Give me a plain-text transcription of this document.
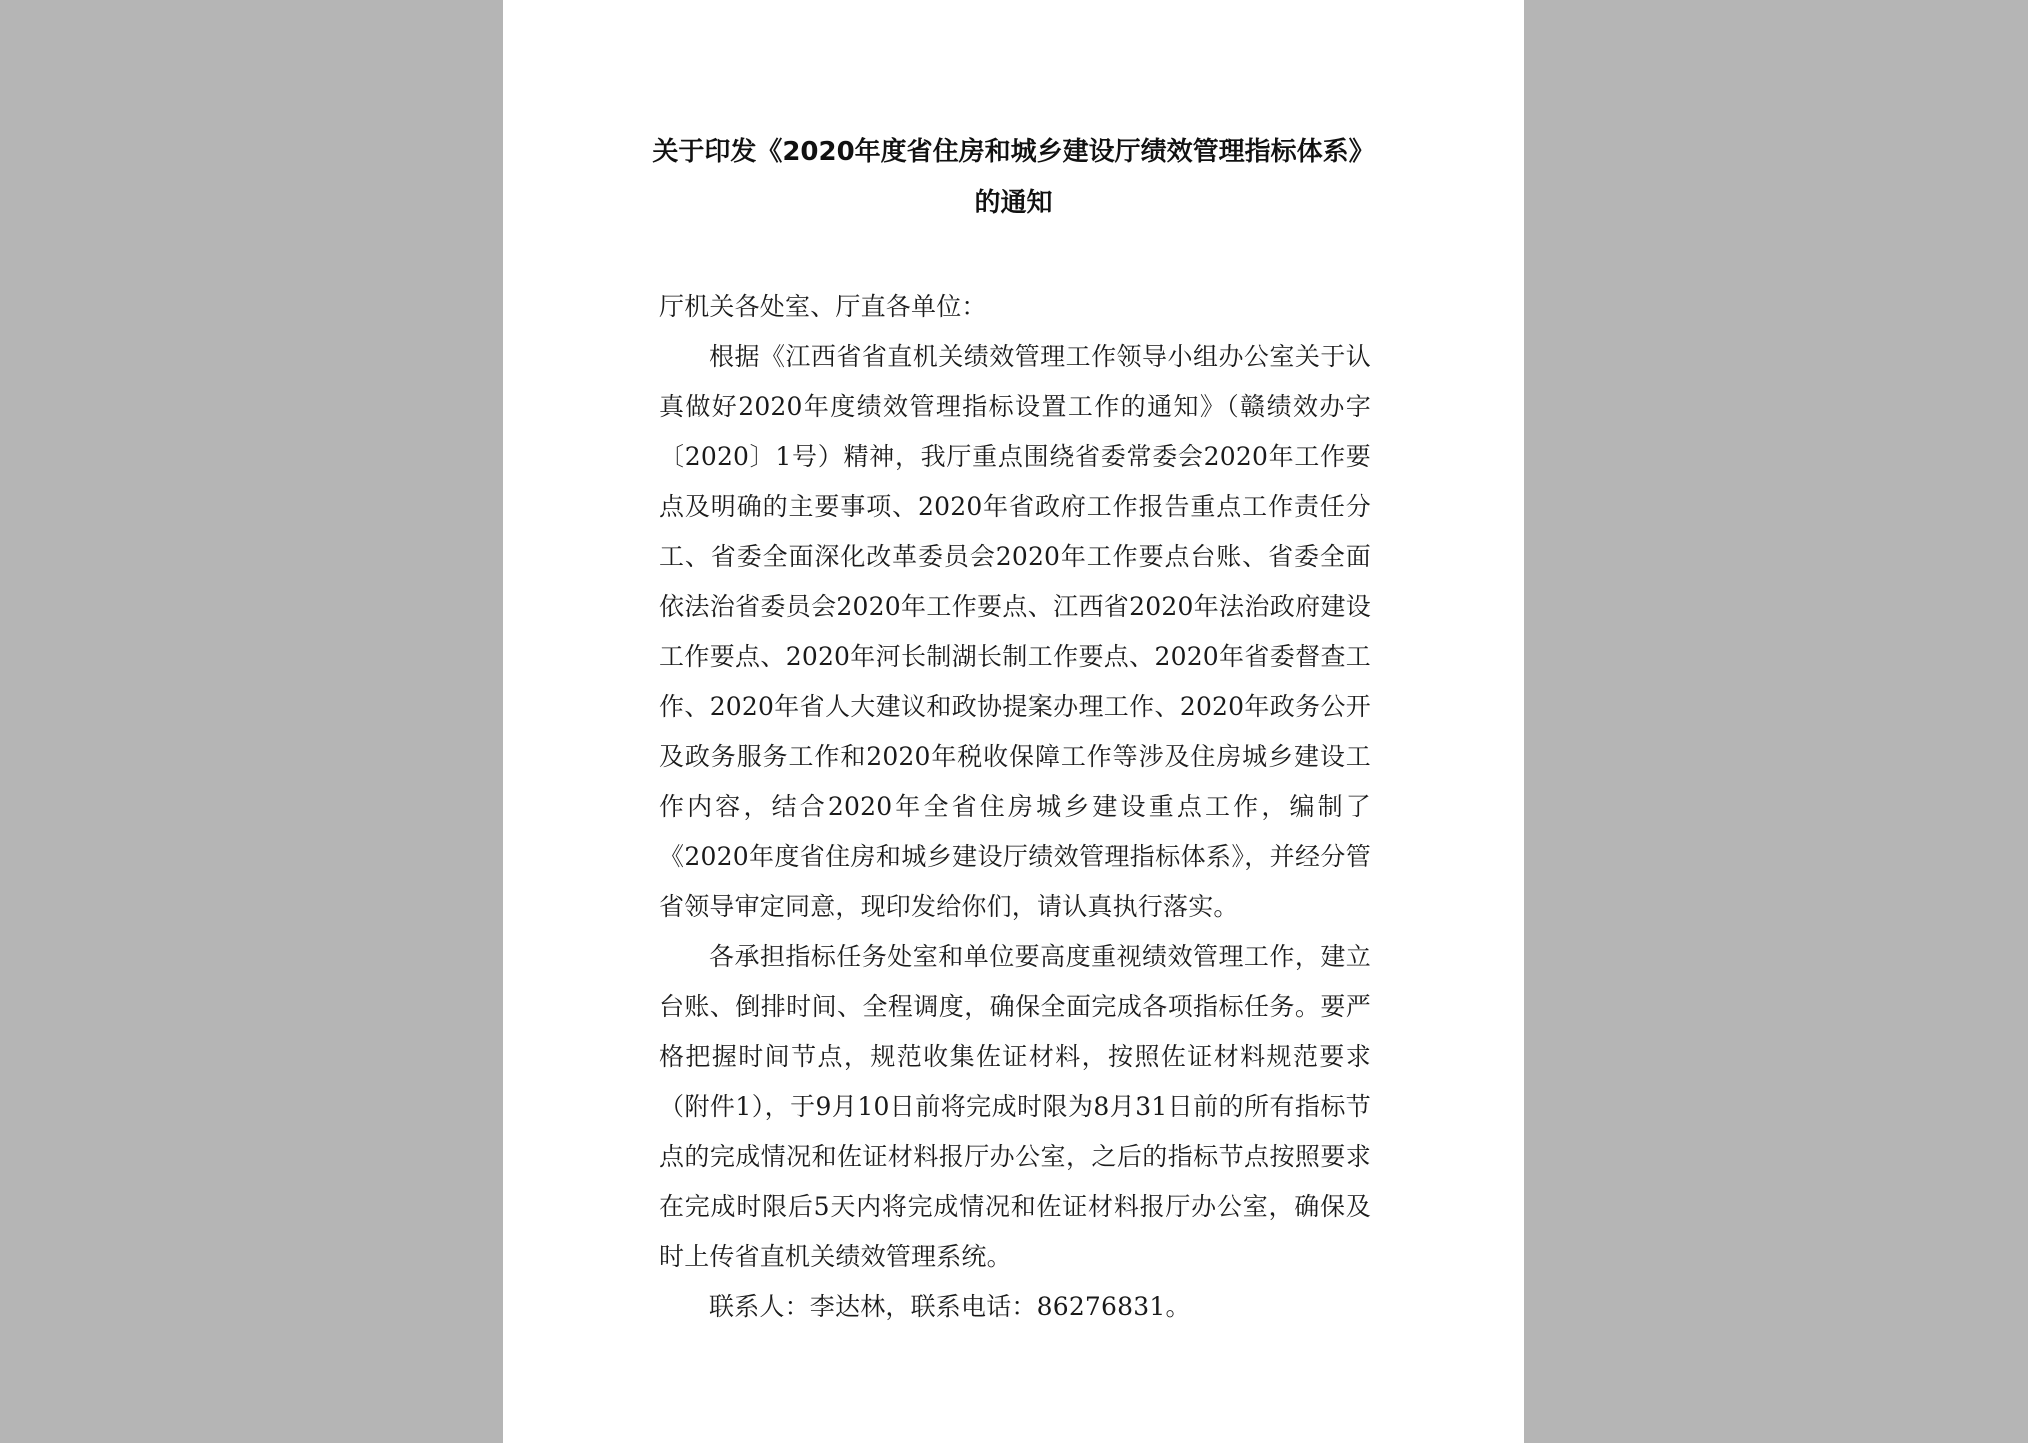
关于印发《2020年度省住房和城乡建设厅绩效管理指标体系》
的通知

厅机关各处室、厅直各单位：

根据《江西省省直机关绩效管理工作领导小组办公室关于认真做好2020年度绩效管理指标设置工作的通知》（赣绩效办字〔2020〕1号）精神，我厅重点围绕省委常委会2020年工作要点及明确的主要事项、2020年省政府工作报告重点工作责任分工、省委全面深化改革委员会2020年工作要点台账、省委全面依法治省委员会2020年工作要点、江西省2020年法治政府建设工作要点、2020年河长制湖长制工作要点、2020年省委督查工作、2020年省人大建议和政协提案办理工作、2020年政务公开及政务服务工作和2020年税收保障工作等涉及住房城乡建设工作内容，结合2020年全省住房城乡建设重点工作，编制了《2020年度省住房和城乡建设厅绩效管理指标体系》，并经分管省领导审定同意，现印发给你们，请认真执行落实。

各承担指标任务处室和单位要高度重视绩效管理工作，建立台账、倒排时间、全程调度，确保全面完成各项指标任务。要严格把握时间节点，规范收集佐证材料，按照佐证材料规范要求（附件1），于9月10日前将完成时限为8月31日前的所有指标节点的完成情况和佐证材料报厅办公室，之后的指标节点按照要求在完成时限后5天内将完成情况和佐证材料报厅办公室，确保及时上传省直机关绩效管理系统。

联系人：李达林，联系电话：86276831。
